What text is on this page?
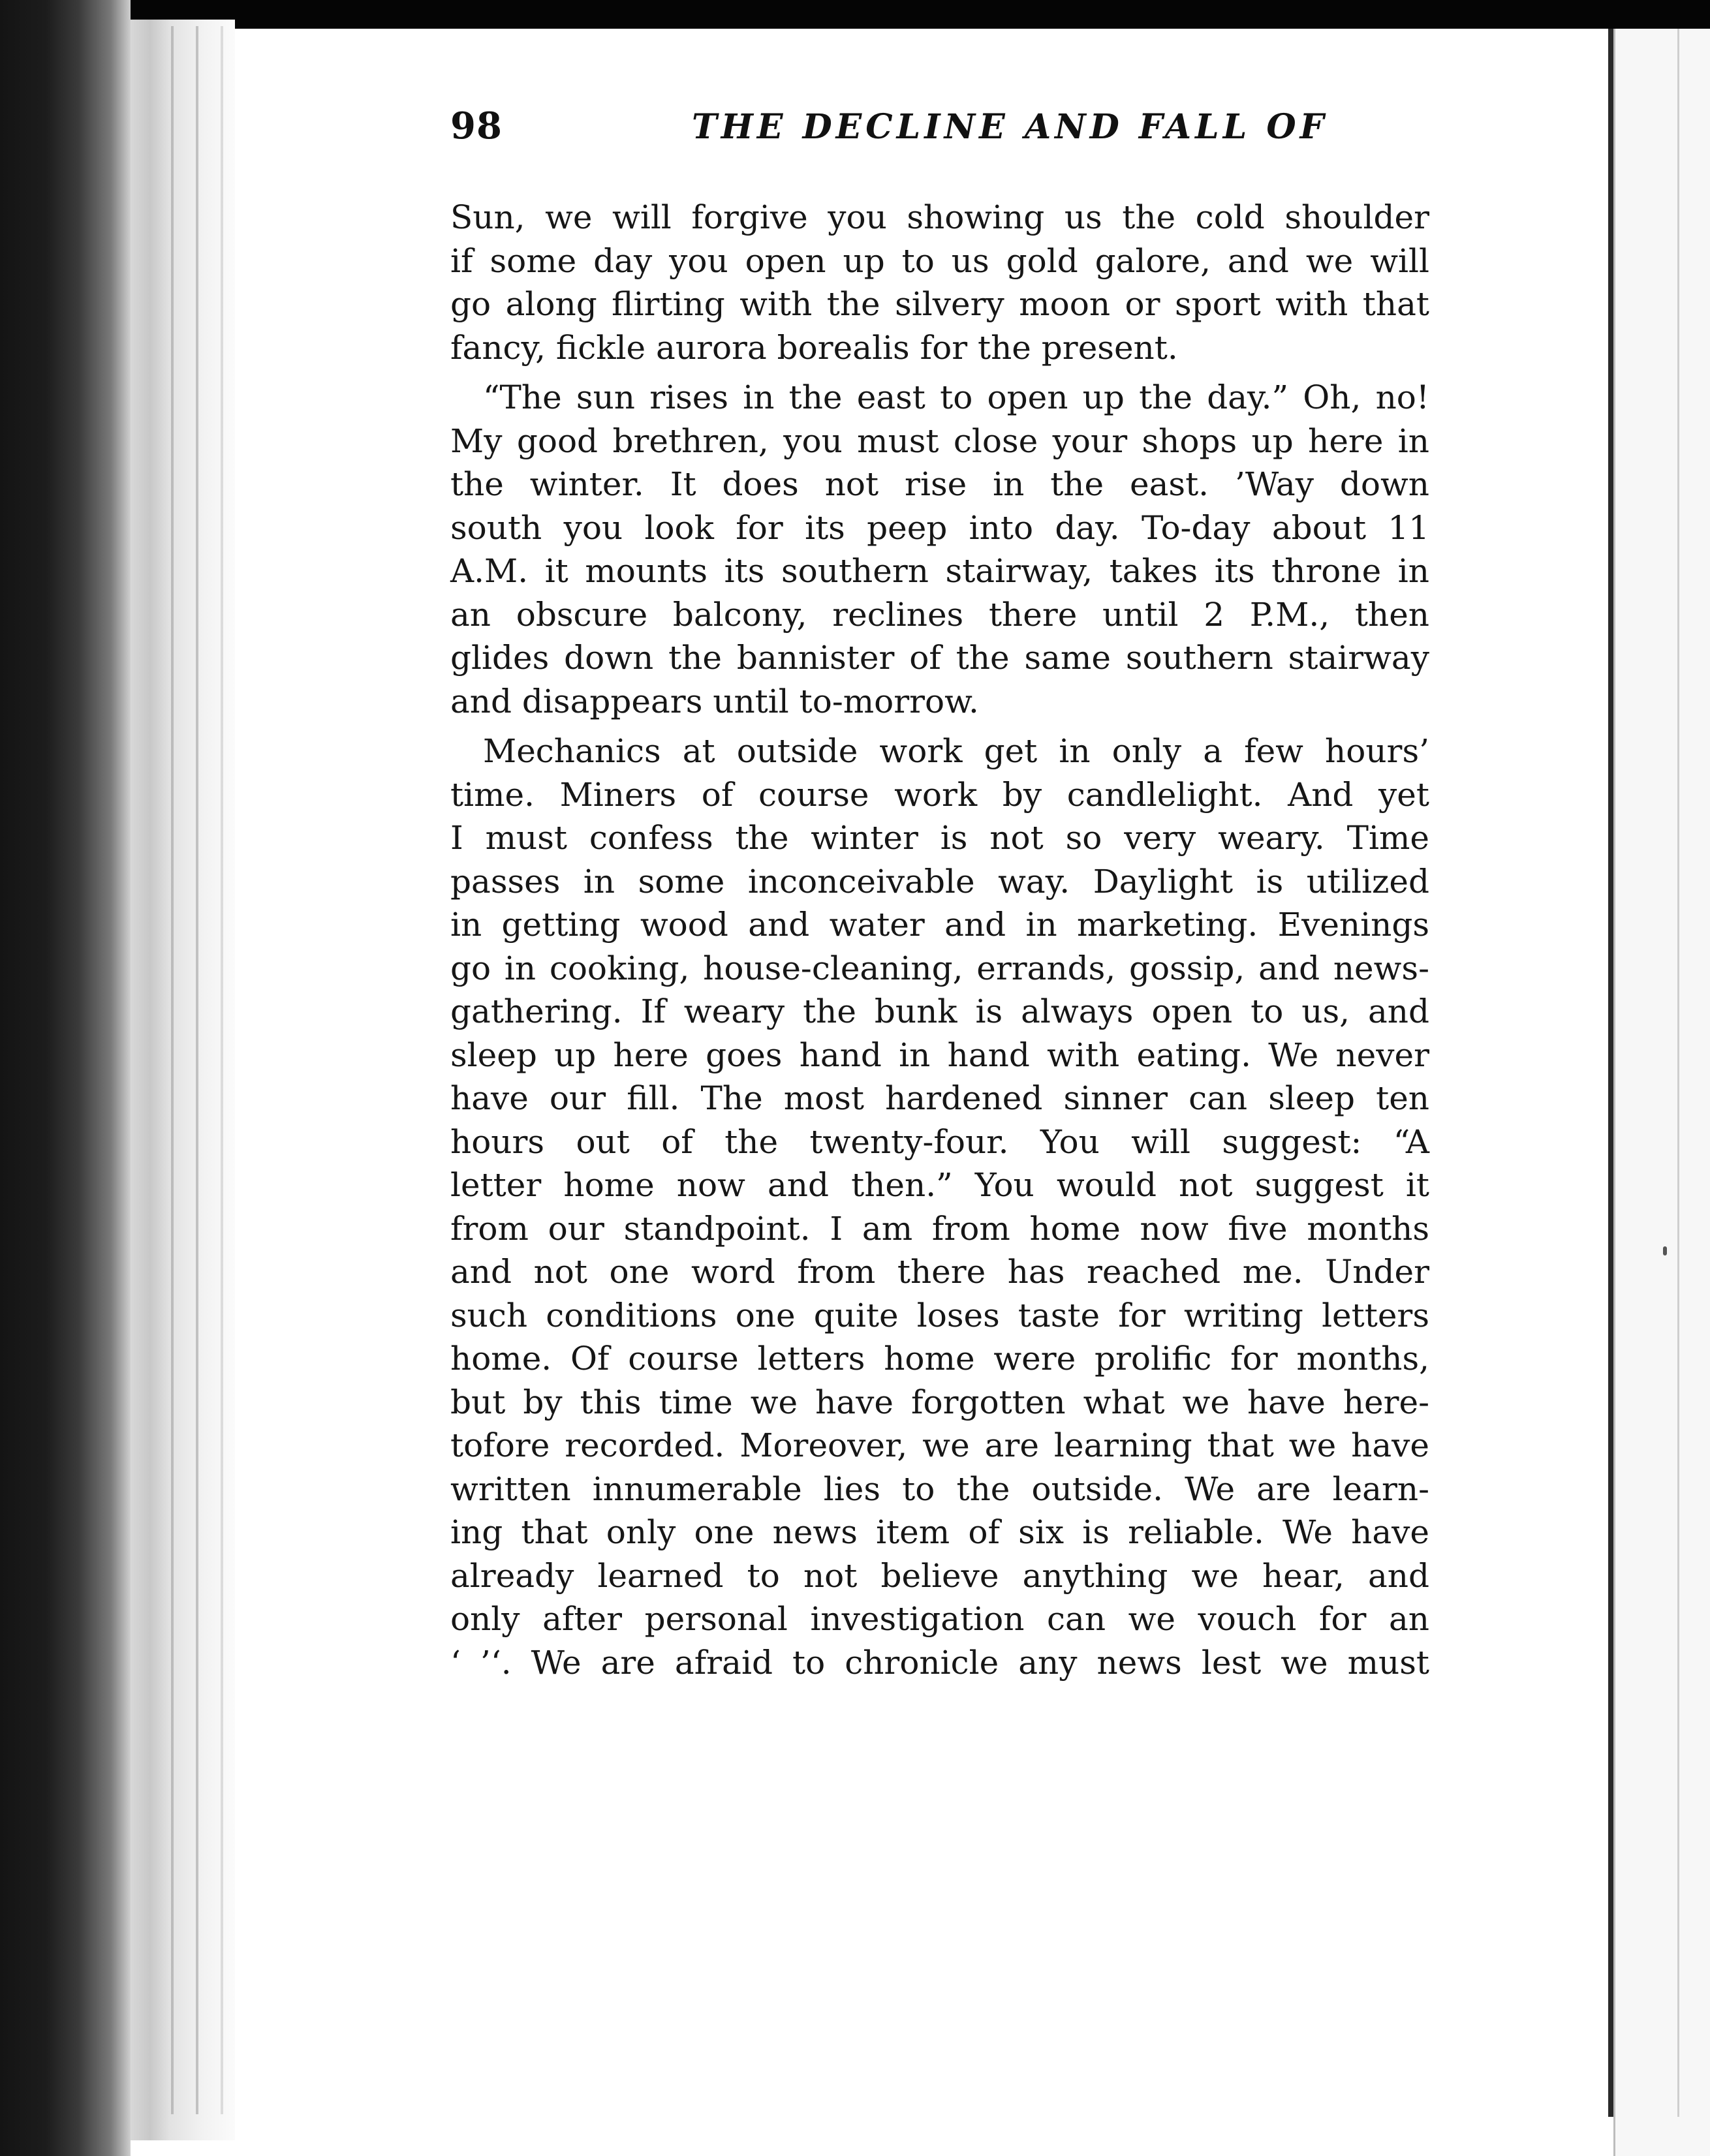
98	THE DECLINE AND FALL OF
Sun, we will forgive you showing us the cold shoulder
if some day you open up to us gold galore, and we will
go along flirting with the silvery moon or sport with that
fancy, fickle aurora borealis for the present.
“The sun rises in the east to open up the day.” Oh, no!
My good brethren, you must close your shops up here in
the winter. It does not rise in the east. ’Way down
south you look for its peep into day. To-day about 11
A.M. it mounts its southern stairway, takes its throne in
an obscure balcony, reclines there until 2 P.M., then
glides down the bannister of the same southern stairway
and disappears until to-morrow.
Mechanics at outside work get in only a few hours’
time. Miners of course work by candlelight. And yet
I must confess the winter is not so very weary. Time
passes in some inconceivable way. Daylight is utilized
in getting wood and water and in marketing. Evenings
go in cooking, house-cleaning, errands, gossip, and news-
gathering. If weary the bunk is always open to us, and
sleep up here goes hand in hand with eating. We never
have our fill. The most hardened sinner can sleep ten
hours out of the twenty-four. You will suggest: “A
letter home now and then.” You would not suggest it
from our standpoint. I am from home now five months
and not one word from there has reached me. Under
such conditions one quite loses taste for writing letters
home. Of course letters home were prolific for months,
but by this time we have forgotten what we have here-
tofore recorded. Moreover, we are learning that we have
written innumerable lies to the outside. We are learn-
ing that only one news item of six is reliable. We have
already learned to not believe anything we hear, and
only after personal investigation can we vouch for an
‘ ’‘. We are afraid to chronicle any news lest we must
